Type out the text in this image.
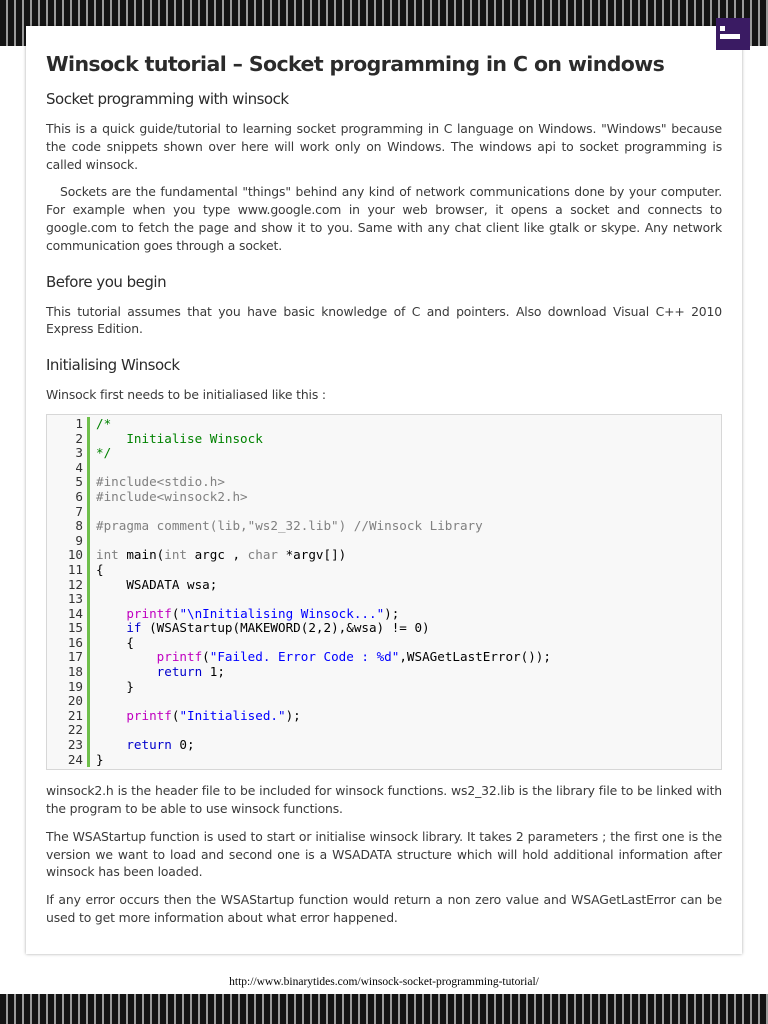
Winsock tutorial – Socket programming in C on windows
Socket programming with winsock
This is a quick guide/tutorial to learning socket programming in C language on Windows. "Windows" because the code snippets shown over here will work only on Windows. The windows api to socket programming is called winsock.
Sockets are the fundamental "things" behind any kind of network communications done by your computer. For example when you type www.google.com in your web browser, it opens a socket and connects to google.com to fetch the page and show it to you. Same with any chat client like gtalk or skype. Any network communication goes through a socket.
Before you begin
This tutorial assumes that you have basic knowledge of C and pointers. Also download Visual C++ 2010 Express Edition.
Initialising Winsock
Winsock first needs to be initialiased like this :
1	/*
2	Initialise Winsock
3	*/
4
5	#include<stdio.h>
6	#include<winsock2.h>
7
8	#pragma comment(lib,"ws2_32.lib") //Winsock Library
9
10	int main(int argc , char *argv[])
11	{
12	WSADATA wsa;
13
14	printf("\nInitialising Winsock...");
15	if (WSAStartup(MAKEWORD(2,2),&wsa) != 0)
16	{
17	printf("Failed. Error Code : %d",WSAGetLastError());
18	return 1;
19	}
20
21	printf("Initialised.");
22
23	return 0;
24	}
winsock2.h is the header file to be included for winsock functions. ws2_32.lib is the library file to be linked with the program to be able to use winsock functions.
The WSAStartup function is used to start or initialise winsock library. It takes 2 parameters ; the first one is the version we want to load and second one is a WSADATA structure which will hold additional information after winsock has been loaded.
If any error occurs then the WSAStartup function would return a non zero value and WSAGetLastError can be used to get more information about what error happened.
http://www.binarytides.com/winsock-socket-programming-tutorial/
